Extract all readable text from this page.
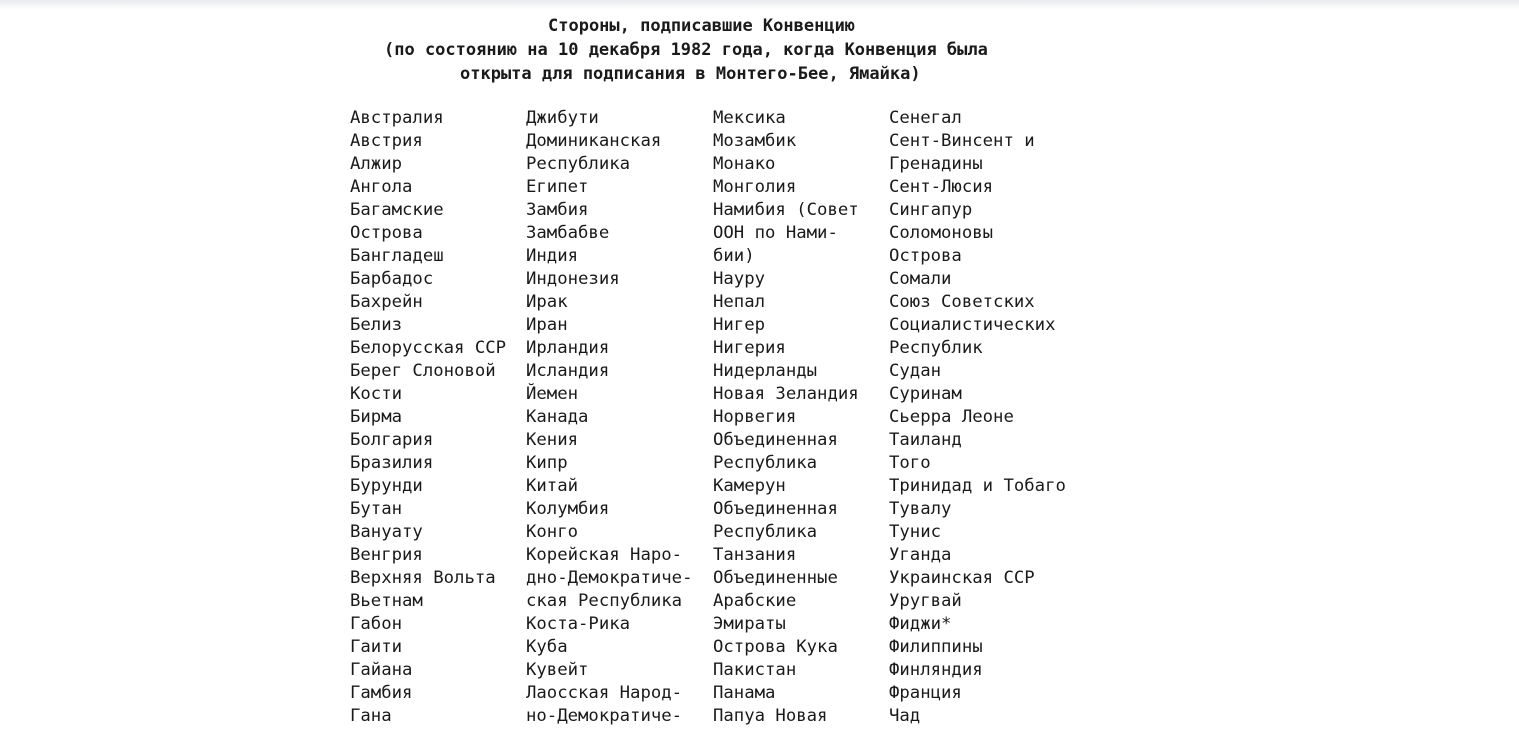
Стороны, подписавшие Конвенцию

(по состоянию на 10 декабря 1982 года, когда Конвенция была

открыта для подписания в Монтего-Бее, Ямайка)

Австралия
Австрия
Алжир
Ангола
Багамские
Острова
Бангладеш
Барбадос
Бахрейн
Белиз
Белорусская ССР
Берег Слоновой
Кости
Бирма
Болгария
Бразилия
Бурунди
Бутан
Вануату
Венгрия
Верхняя Вольта
Вьетнам
Габон
Гаити
Гайана
Гамбия
Гана
Джибути
Доминиканская
Республика
Египет
Замбия
Замбабве
Индия
Индонезия
Ирак
Иран
Ирландия
Исландия
Йемен
Канада
Кения
Кипр
Китай
Колумбия
Конго
Корейская Наро-
дно-Демократиче-
ская Республика
Коста-Рика
Куба
Кувейт
Лаосская Народ-
но-Демократиче-
Мексика
Мозамбик
Монако
Монголия
Намибия (Совет
ООН по Нами-
бии)
Науру
Непал
Нигер
Нигерия
Нидерланды
Новая Зеландия
Норвегия
Объединенная
Республика
Камерун
Объединенная
Республика
Танзания
Объединенные
Арабские
Эмираты
Острова Кука
Пакистан
Панама
Папуа Новая
Сенегал
Сент-Винсент и
Гренадины
Сент-Люсия
Сингапур
Соломоновы
Острова
Сомали
Союз Советских
Социалистических
Республик
Судан
Суринам
Сьерра Леоне
Таиланд
Того
Тринидад и Тобаго
Тувалу
Тунис
Уганда
Украинская ССР
Уругвай
Фиджи*
Филиппины
Финляндия
Франция
Чад
